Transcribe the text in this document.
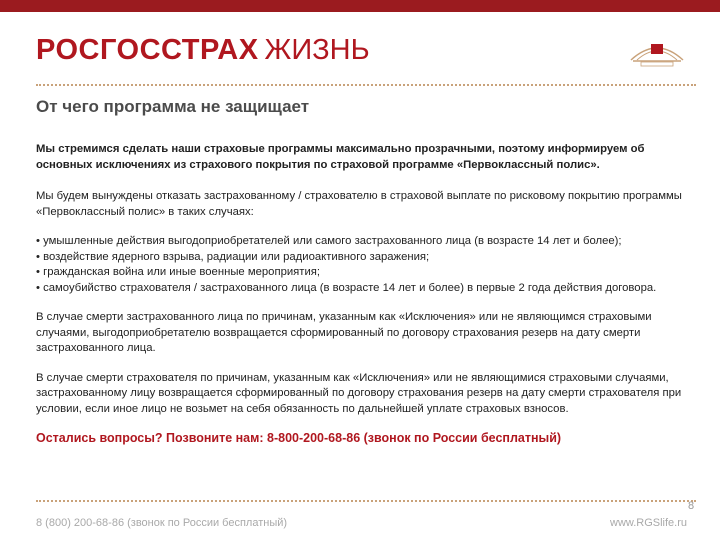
РОСГОССТРАХ ЖИЗНЬ
От чего программа не защищает

Мы стремимся сделать наши страховые программы максимально прозрачными, поэтому информируем об основных исключениях из страхового покрытия по страховой программе «Первоклассный полис».

Мы будем вынуждены отказать застрахованному / страхователю в страховой выплате по рисковому покрытию программы «Первоклассный полис» в таких случаях:

• умышленные действия выгодоприобретателей или самого застрахованного лица (в возрасте 14 лет и более);
• воздействие ядерного взрыва, радиации или радиоактивного заражения;
• гражданская война или иные военные мероприятия;
• самоубийство страхователя / застрахованного лица (в возрасте 14 лет и более) в первые 2 года действия договора.

В случае смерти застрахованного лица по причинам, указанным как «Исключения» или не являющимся страховыми случаями, выгодоприобретателю возвращается сформированный по договору страхования резерв на дату смерти застрахованного лица.

В случае смерти страхователя по причинам, указанным как «Исключения» или не являющимися страховыми случаями, застрахованному лицу возвращается сформированный по договору страхования резерв на дату смерти страхователя при условии, если иное лицо не возьмет на себя обязанность по дальнейшей уплате страховых взносов.

Остались вопросы? Позвоните нам: 8-800-200-68-86 (звонок по России бесплатный)
8
8 (800) 200-68-86 (звонок по России бесплатный)	www.RGSlife.ru
